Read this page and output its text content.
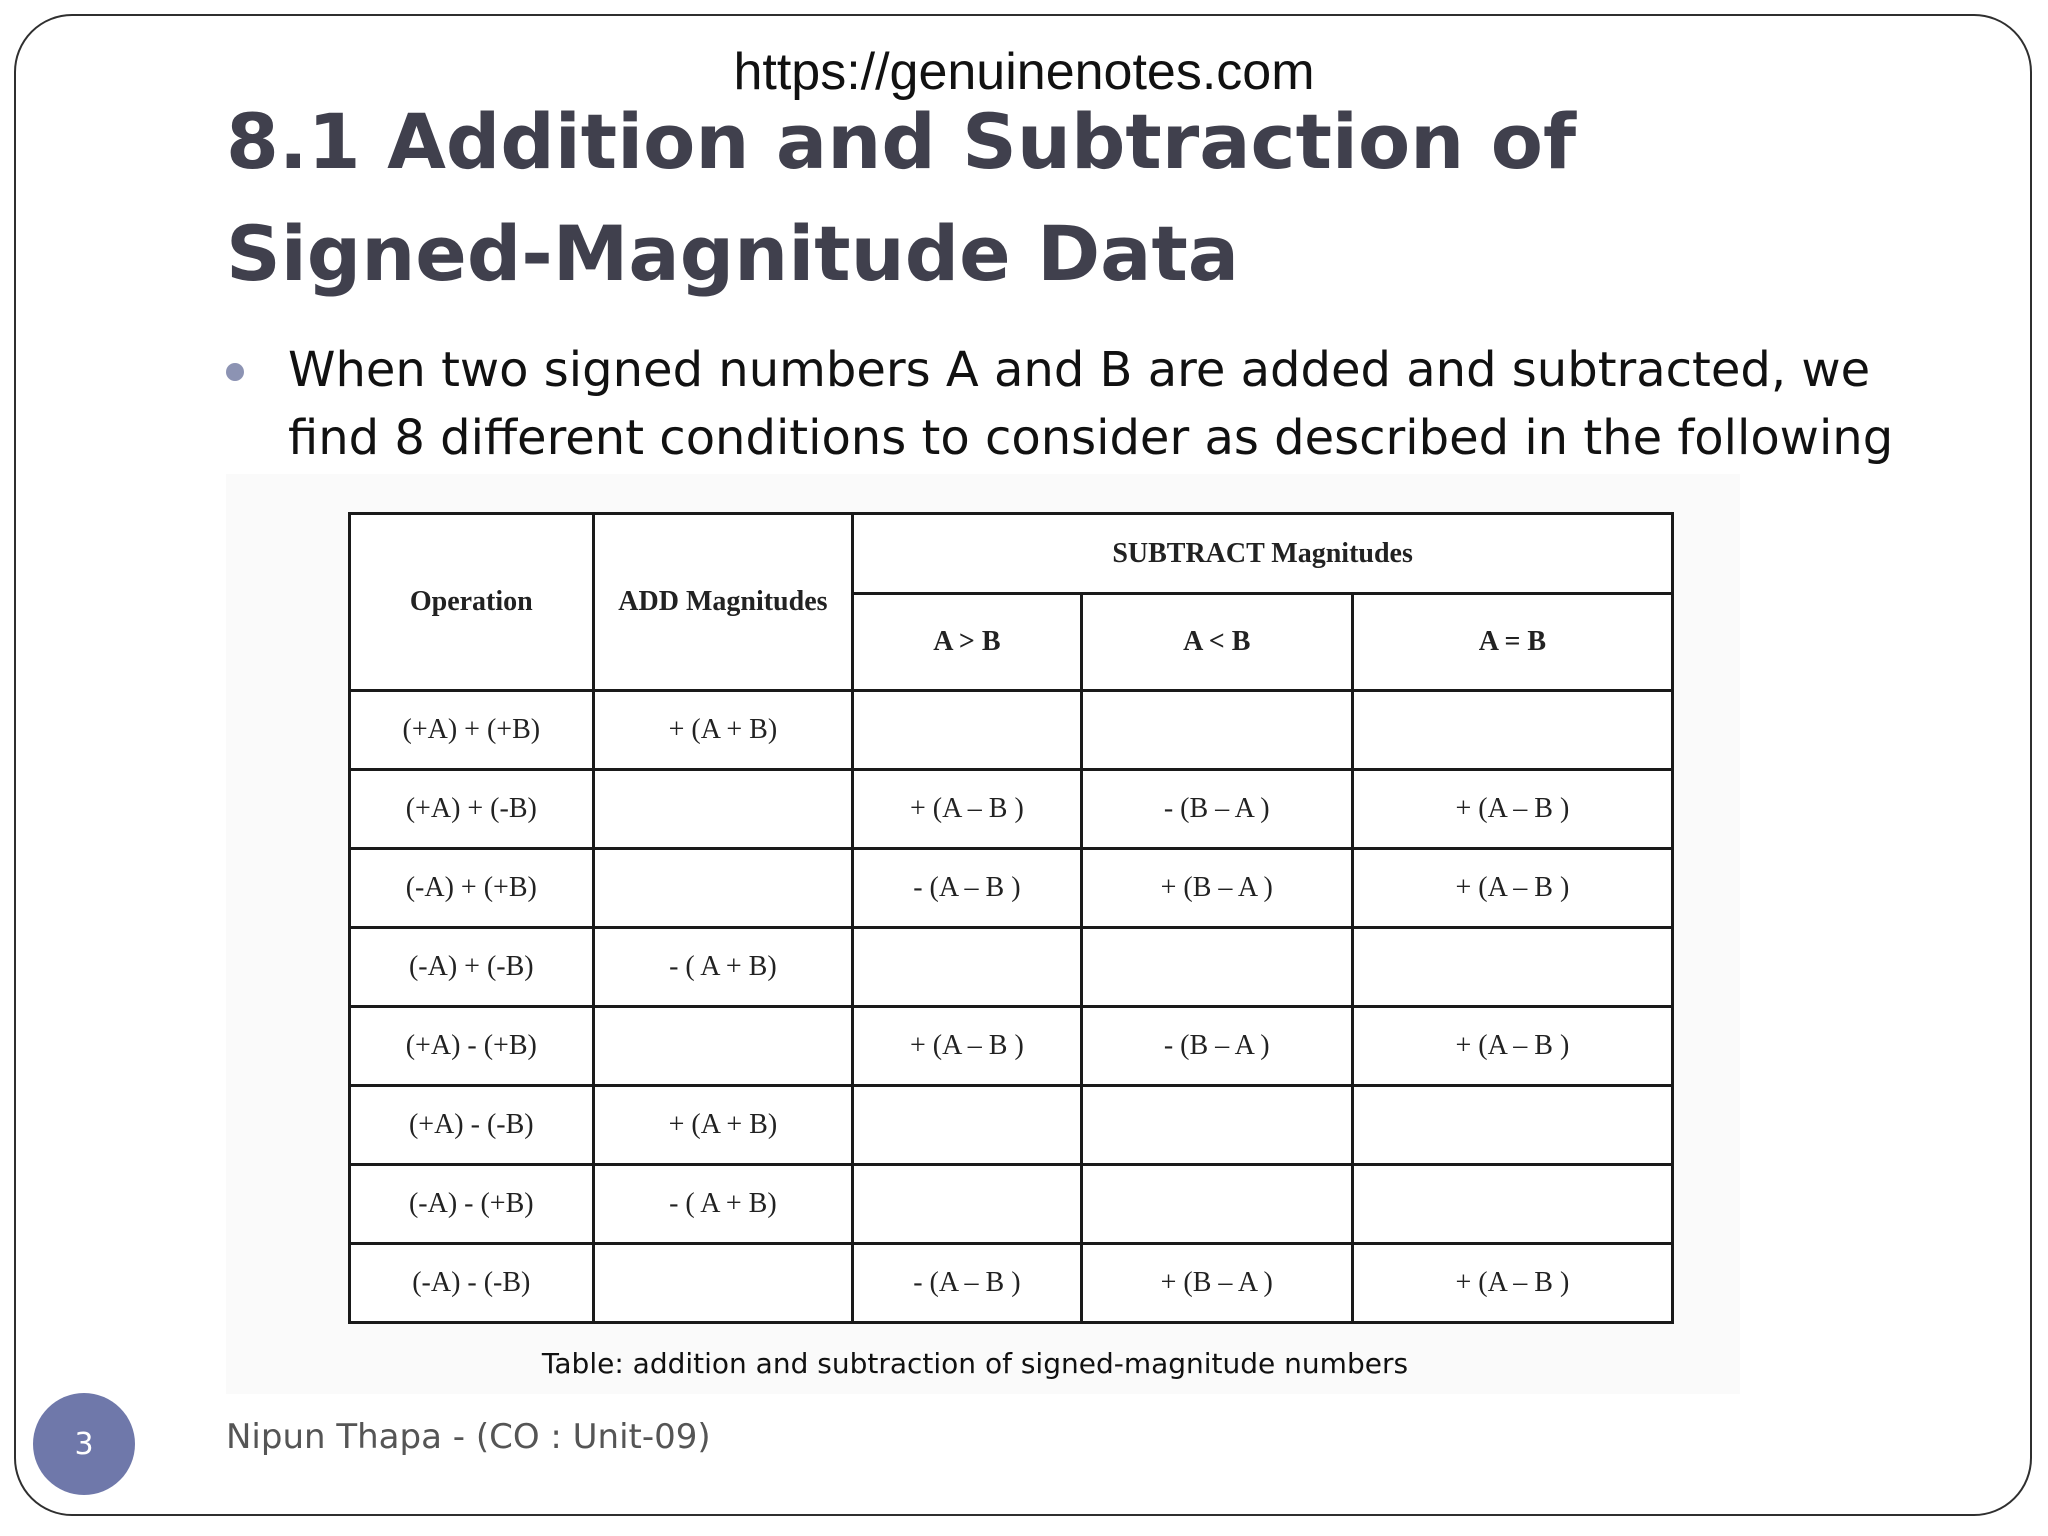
https://genuinenotes.com
8.1 Addition and Subtraction of Signed-Magnitude Data

When two signed numbers A and B are added and subtracted, we find 8 different conditions to consider as described in the following

Operation	ADD Magnitudes	SUBTRACT Magnitudes		
		A > B	A < B	A = B
(+A) + (+B)	+ (A + B)			
(+A) + (-B)		+ (A – B )	- (B – A )	+ (A – B )
(-A) + (+B)		- (A – B )	+ (B – A )	+ (A – B )
(-A) + (-B)	- ( A + B)			
(+A) - (+B)		+ (A – B )	- (B – A )	+ (A – B )
(+A) - (-B)	+ (A + B)			
(-A) - (+B)	- ( A + B)			
(-A) - (-B)		- (A – B )	+ (B – A )	+ (A – B )
Table: addition and subtraction of signed-magnitude numbers
3	Nipun Thapa - (CO : Unit-09)
